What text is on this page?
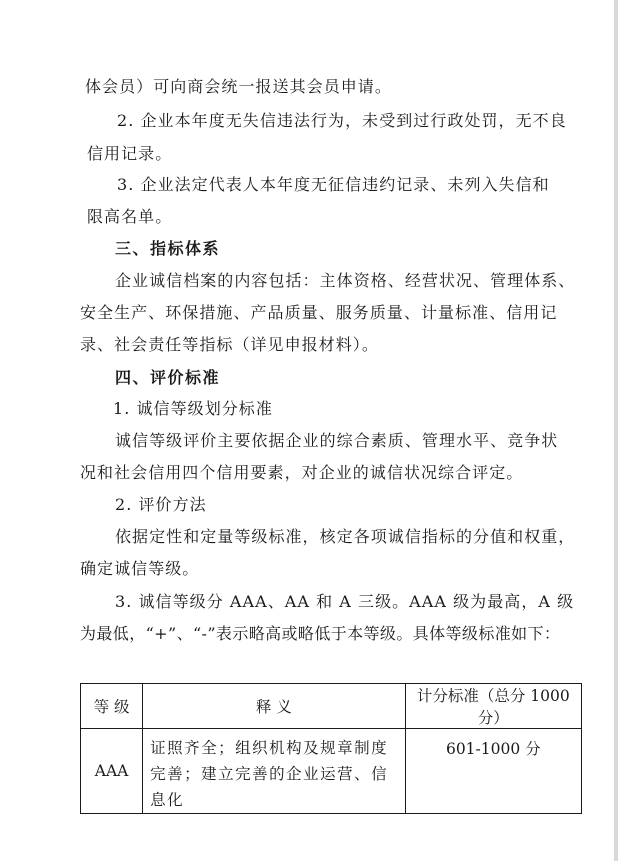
体会员）可向商会统一报送其会员申请。
2. 企业本年度无失信违法行为，未受到过行政处罚，无不良
信用记录。
3. 企业法定代表人本年度无征信违约记录、未列入失信和
限高名单。
三、指标体系
企业诚信档案的内容包括：主体资格、经营状况、管理体系、
安全生产、环保措施、产品质量、服务质量、计量标准、信用记
录、社会责任等指标（详见申报材料）。
四、评价标准
1. 诚信等级划分标准
诚信等级评价主要依据企业的综合素质、管理水平、竞争状
况和社会信用四个信用要素，对企业的诚信状况综合评定。
2. 评价方法
依据定性和定量等级标准，核定各项诚信指标的分值和权重，
确定诚信等级。
3. 诚信等级分 AAA、AA 和 A 三级。AAA 级为最高，A 级
为最低，“+”、“-”表示略高或略低于本等级。具体等级标准如下：
等 级	释 义	计分标准（总分 1000 分）
AAA	证照齐全；组织机构及规章制度完善；建立完善的企业运营、信息化	601-1000 分
